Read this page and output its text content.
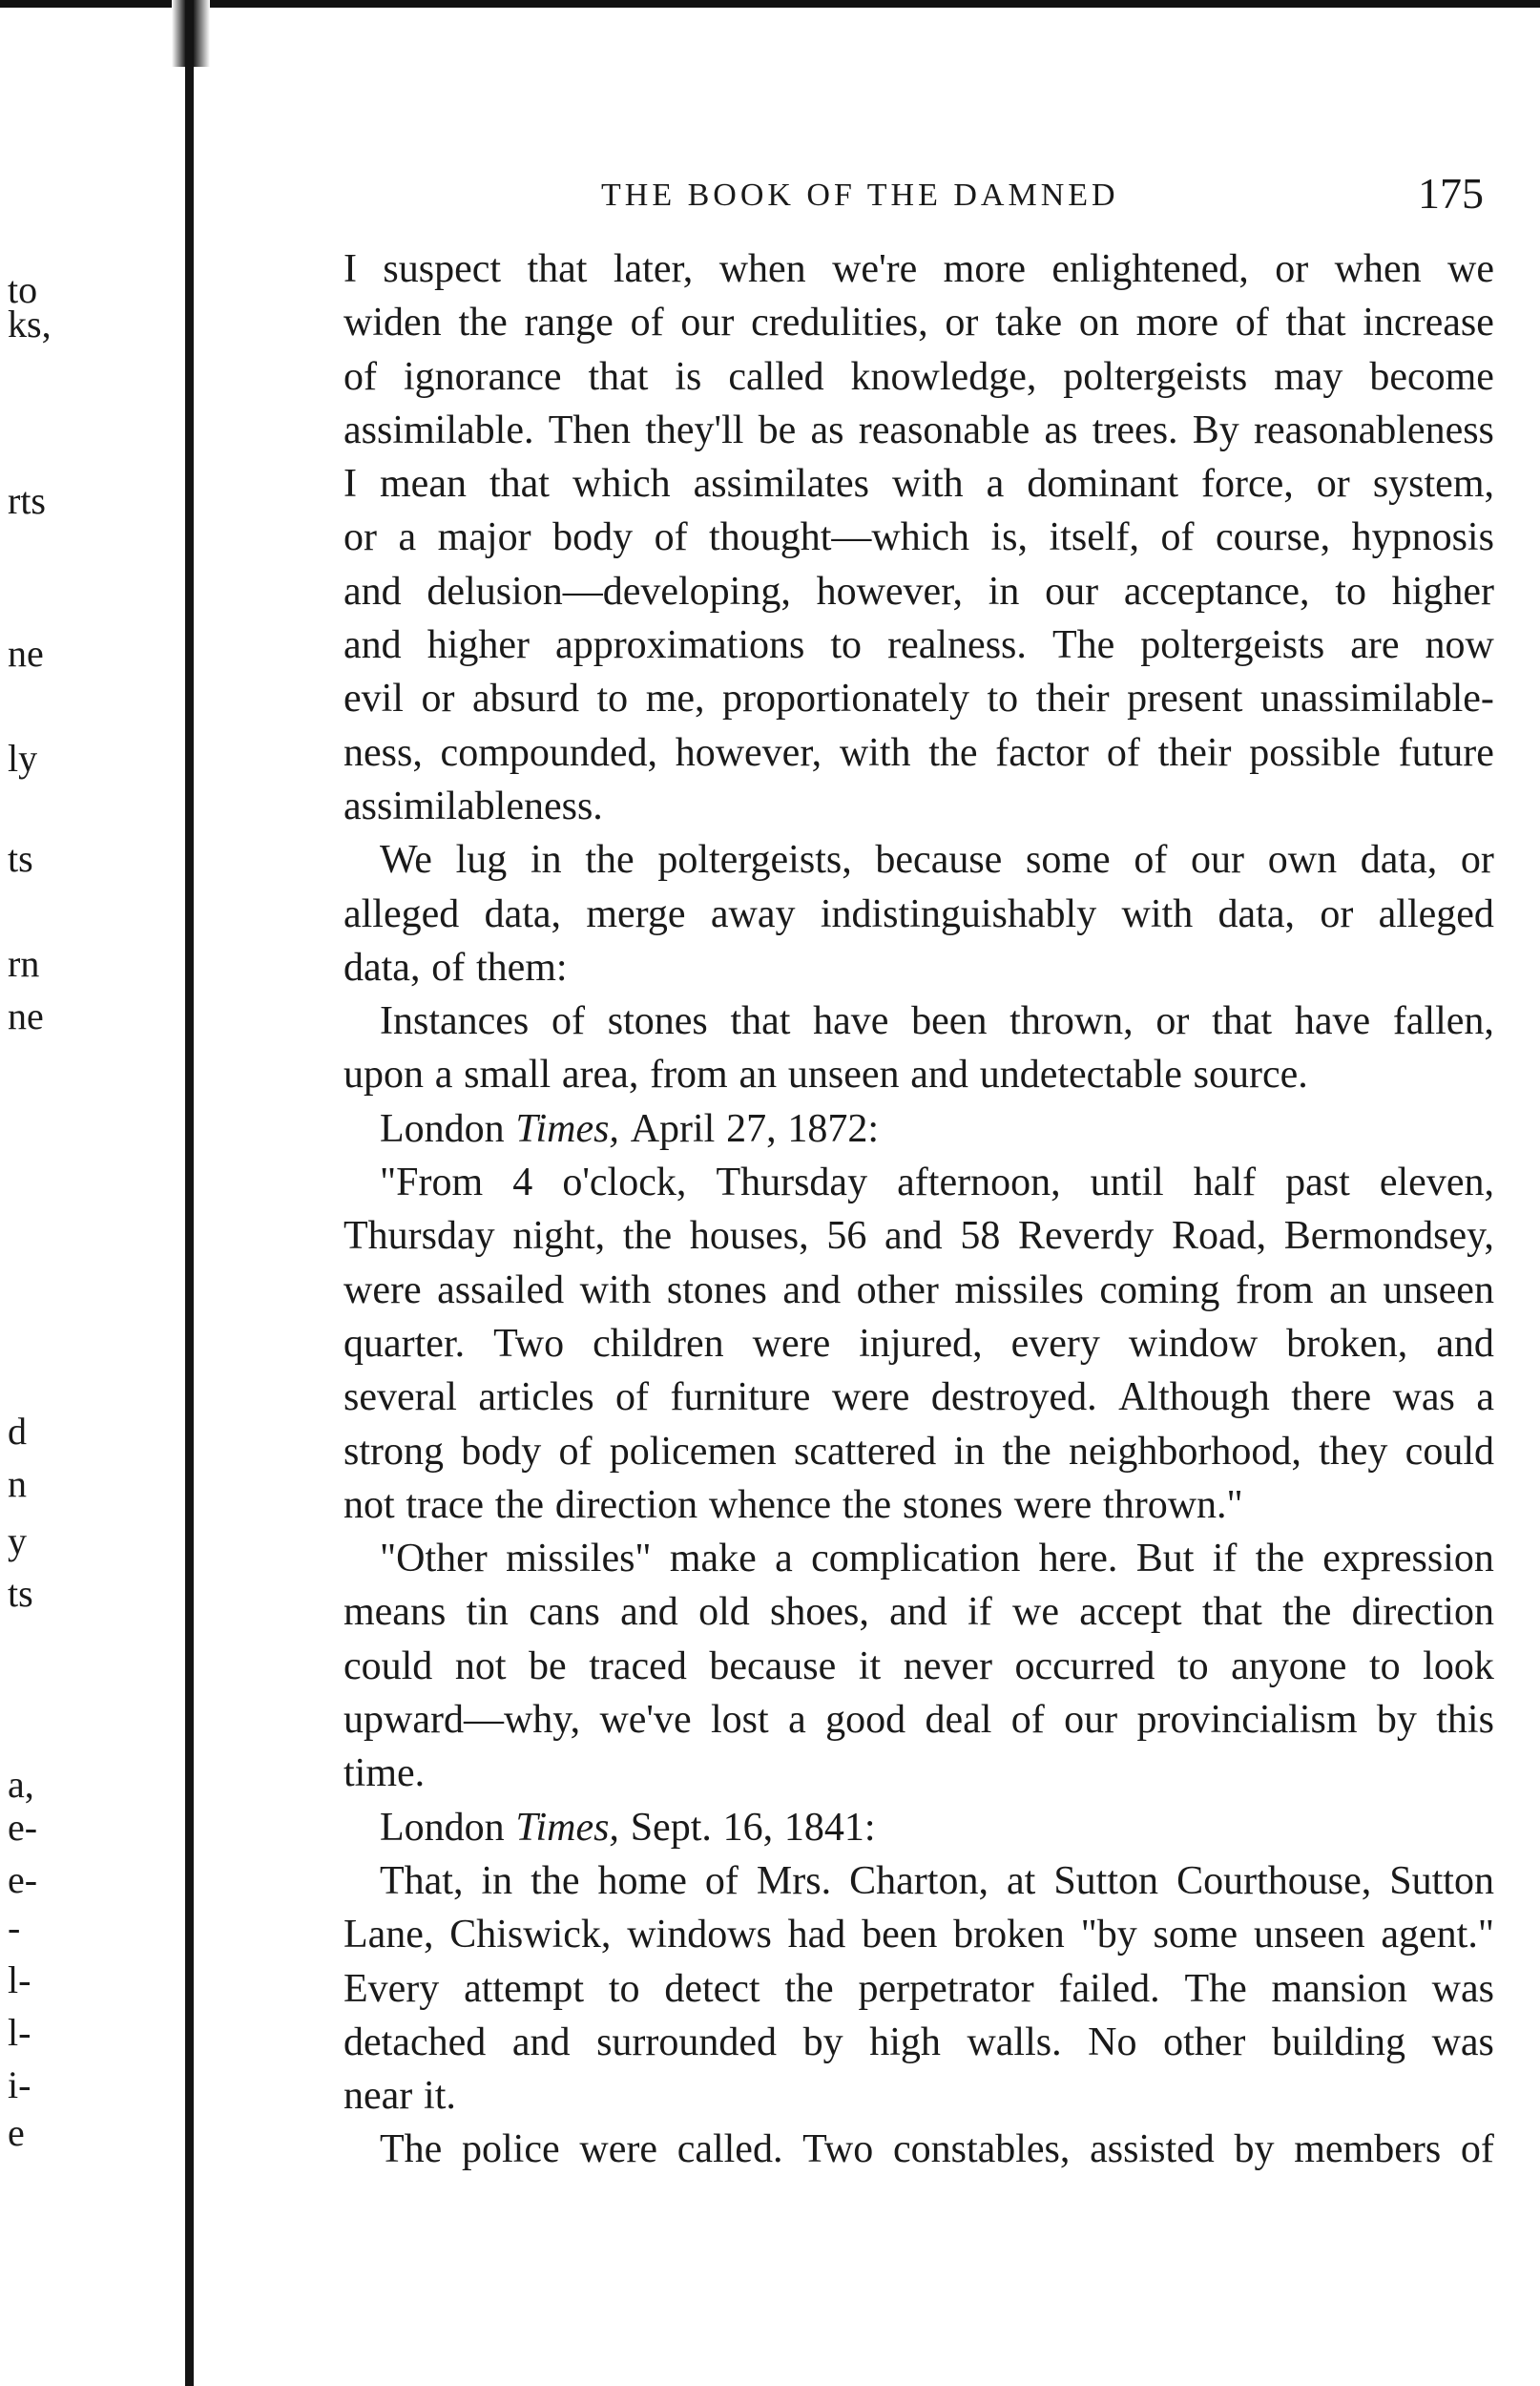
to
ks,
rts
ne
ly
ts
rn
ne
d
n
y
ts
a,
e-
e-
-
l-
l-
i-
e
THE BOOK OF THE DAMNED	175
I suspect that later, when we're more enlightened, or when we
widen the range of our credulities, or take on more of that increase
of ignorance that is called knowledge, poltergeists may become
assimilable. Then they'll be as reasonable as trees. By reasonableness
I mean that which assimilates with a dominant force, or system,
or a major body of thought—which is, itself, of course, hypnosis
and delusion—developing, however, in our acceptance, to higher
and higher approximations to realness. The poltergeists are now
evil or absurd to me, proportionately to their present unassimilable-
ness, compounded, however, with the factor of their possible future
assimilableness.
We lug in the poltergeists, because some of our own data, or
alleged data, merge away indistinguishably with data, or alleged
data, of them:
Instances of stones that have been thrown, or that have fallen,
upon a small area, from an unseen and undetectable source.
London Times, April 27, 1872:
"From 4 o'clock, Thursday afternoon, until half past eleven,
Thursday night, the houses, 56 and 58 Reverdy Road, Bermondsey,
were assailed with stones and other missiles coming from an unseen
quarter. Two children were injured, every window broken, and
several articles of furniture were destroyed. Although there was a
strong body of policemen scattered in the neighborhood, they could
not trace the direction whence the stones were thrown."
"Other missiles" make a complication here. But if the expression
means tin cans and old shoes, and if we accept that the direction
could not be traced because it never occurred to anyone to look
upward—why, we've lost a good deal of our provincialism by this
time.
London Times, Sept. 16, 1841:
That, in the home of Mrs. Charton, at Sutton Courthouse, Sutton
Lane, Chiswick, windows had been broken "by some unseen agent."
Every attempt to detect the perpetrator failed. The mansion was
detached and surrounded by high walls. No other building was
near it.
The police were called. Two constables, assisted by members of
